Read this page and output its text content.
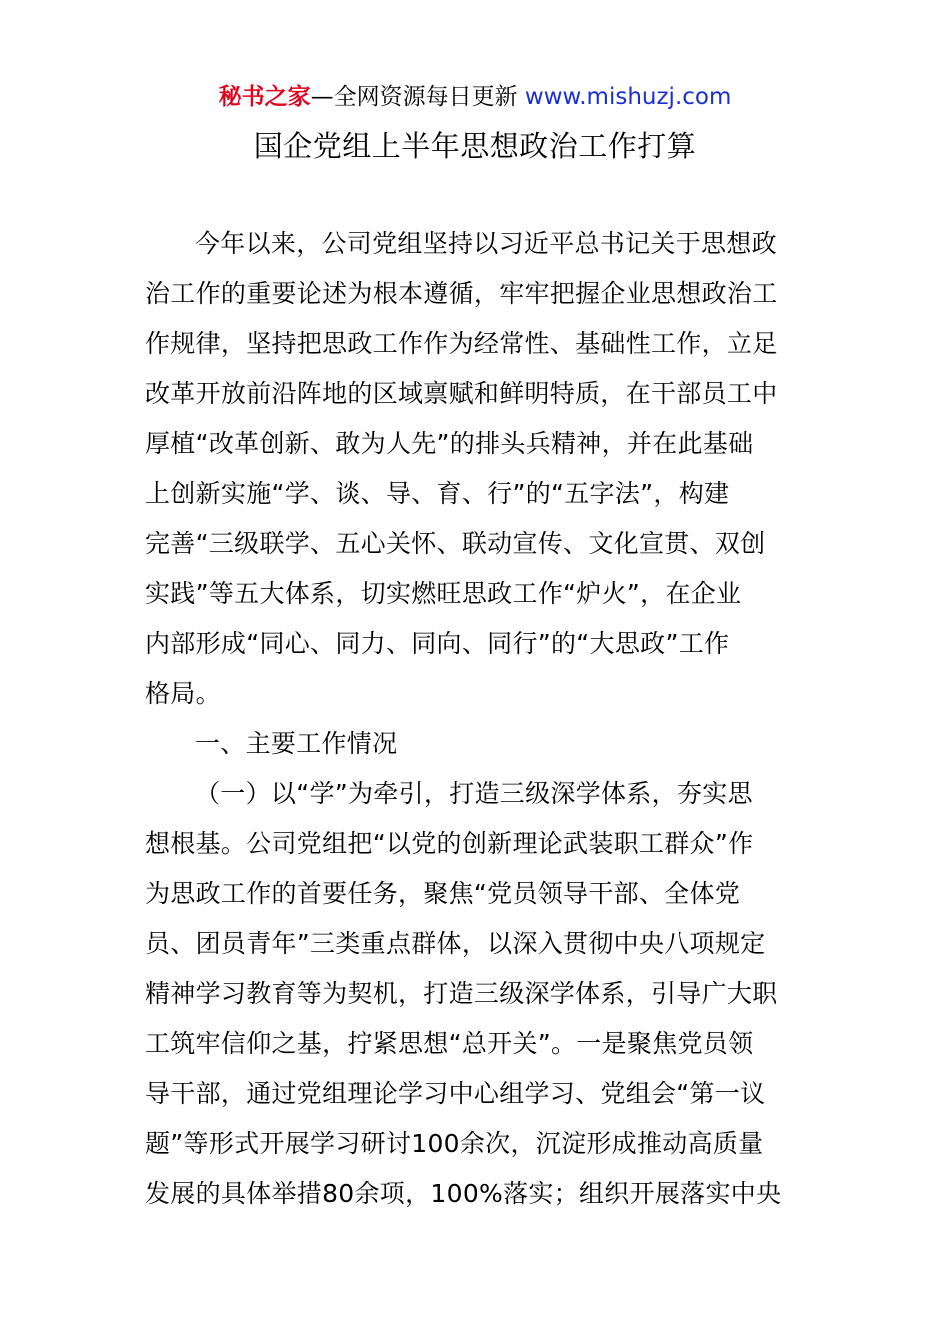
秘书之家—全网资源每日更新 www.mishuzj.com
国企党组上半年思想政治工作打算
今年以来，公司党组坚持以习近平总书记关于思想政
治工作的重要论述为根本遵循，牢牢把握企业思想政治工
作规律，坚持把思政工作作为经常性、基础性工作，立足
改革开放前沿阵地的区域禀赋和鲜明特质，在干部员工中
厚植“改革创新、敢为人先”的排头兵精神，并在此基础
上创新实施“学、谈、导、育、行”的“五字法”，构建
完善“三级联学、五心关怀、联动宣传、文化宣贯、双创
实践”等五大体系，切实燃旺思政工作“炉火”，在企业
内部形成“同心、同力、同向、同行”的“大思政”工作
格局。
一、主要工作情况
（一）以“学”为牵引，打造三级深学体系，夯实思
想根基。公司党组把“以党的创新理论武装职工群众”作
为思政工作的首要任务，聚焦“党员领导干部、全体党
员、团员青年”三类重点群体，以深入贯彻中央八项规定
精神学习教育等为契机，打造三级深学体系，引导广大职
工筑牢信仰之基，拧紧思想“总开关”。一是聚焦党员领
导干部，通过党组理论学习中心组学习、党组会“第一议
题”等形式开展学习研讨100余次，沉淀形成推动高质量
发展的具体举措80余项，100%落实；组织开展落实中央
